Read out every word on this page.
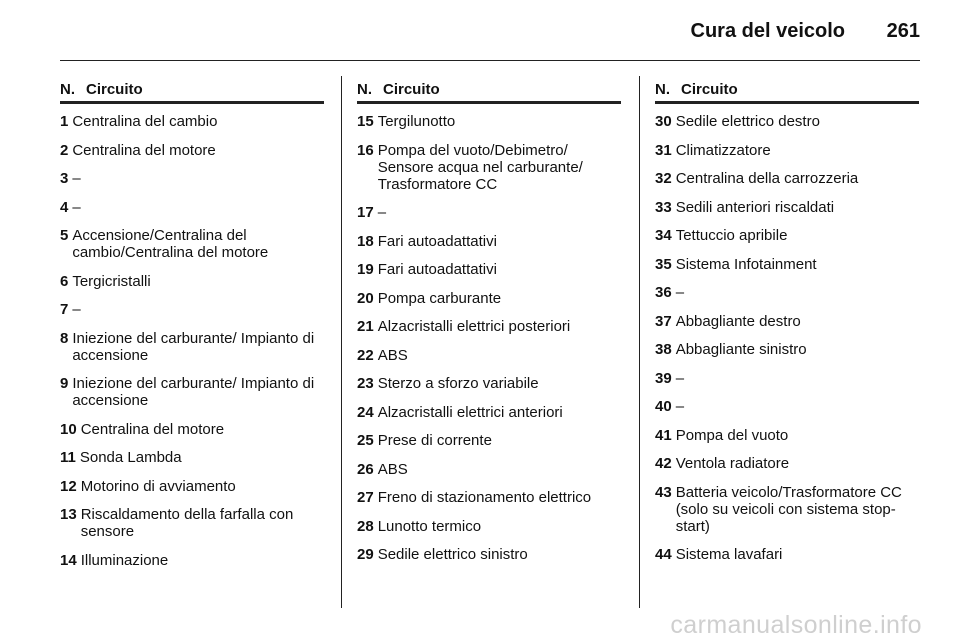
Cura del veicolo 261
N. Circuito
1 Centralina del cambio
2 Centralina del motore
3 –
4 –
5 Accensione/Centralina del cambio/Centralina del motore
6 Tergicristalli
7 –
8 Iniezione del carburante/ Impianto di accensione
9 Iniezione del carburante/ Impianto di accensione
10 Centralina del motore
11 Sonda Lambda
12 Motorino di avviamento
13 Riscaldamento della farfalla con sensore
14 Illuminazione
N. Circuito
15 Tergilunotto
16 Pompa del vuoto/Debimetro/ Sensore acqua nel carburante/ Trasformatore CC
17 –
18 Fari autoadattativi
19 Fari autoadattativi
20 Pompa carburante
21 Alzacristalli elettrici posteriori
22 ABS
23 Sterzo a sforzo variabile
24 Alzacristalli elettrici anteriori
25 Prese di corrente
26 ABS
27 Freno di stazionamento elettrico
28 Lunotto termico
29 Sedile elettrico sinistro
N. Circuito
30 Sedile elettrico destro
31 Climatizzatore
32 Centralina della carrozzeria
33 Sedili anteriori riscaldati
34 Tettuccio apribile
35 Sistema Infotainment
36 –
37 Abbagliante destro
38 Abbagliante sinistro
39 –
40 –
41 Pompa del vuoto
42 Ventola radiatore
43 Batteria veicolo/Trasformatore CC (solo su veicoli con sistema stop-start)
44 Sistema lavafari
carmanualsonline.info
